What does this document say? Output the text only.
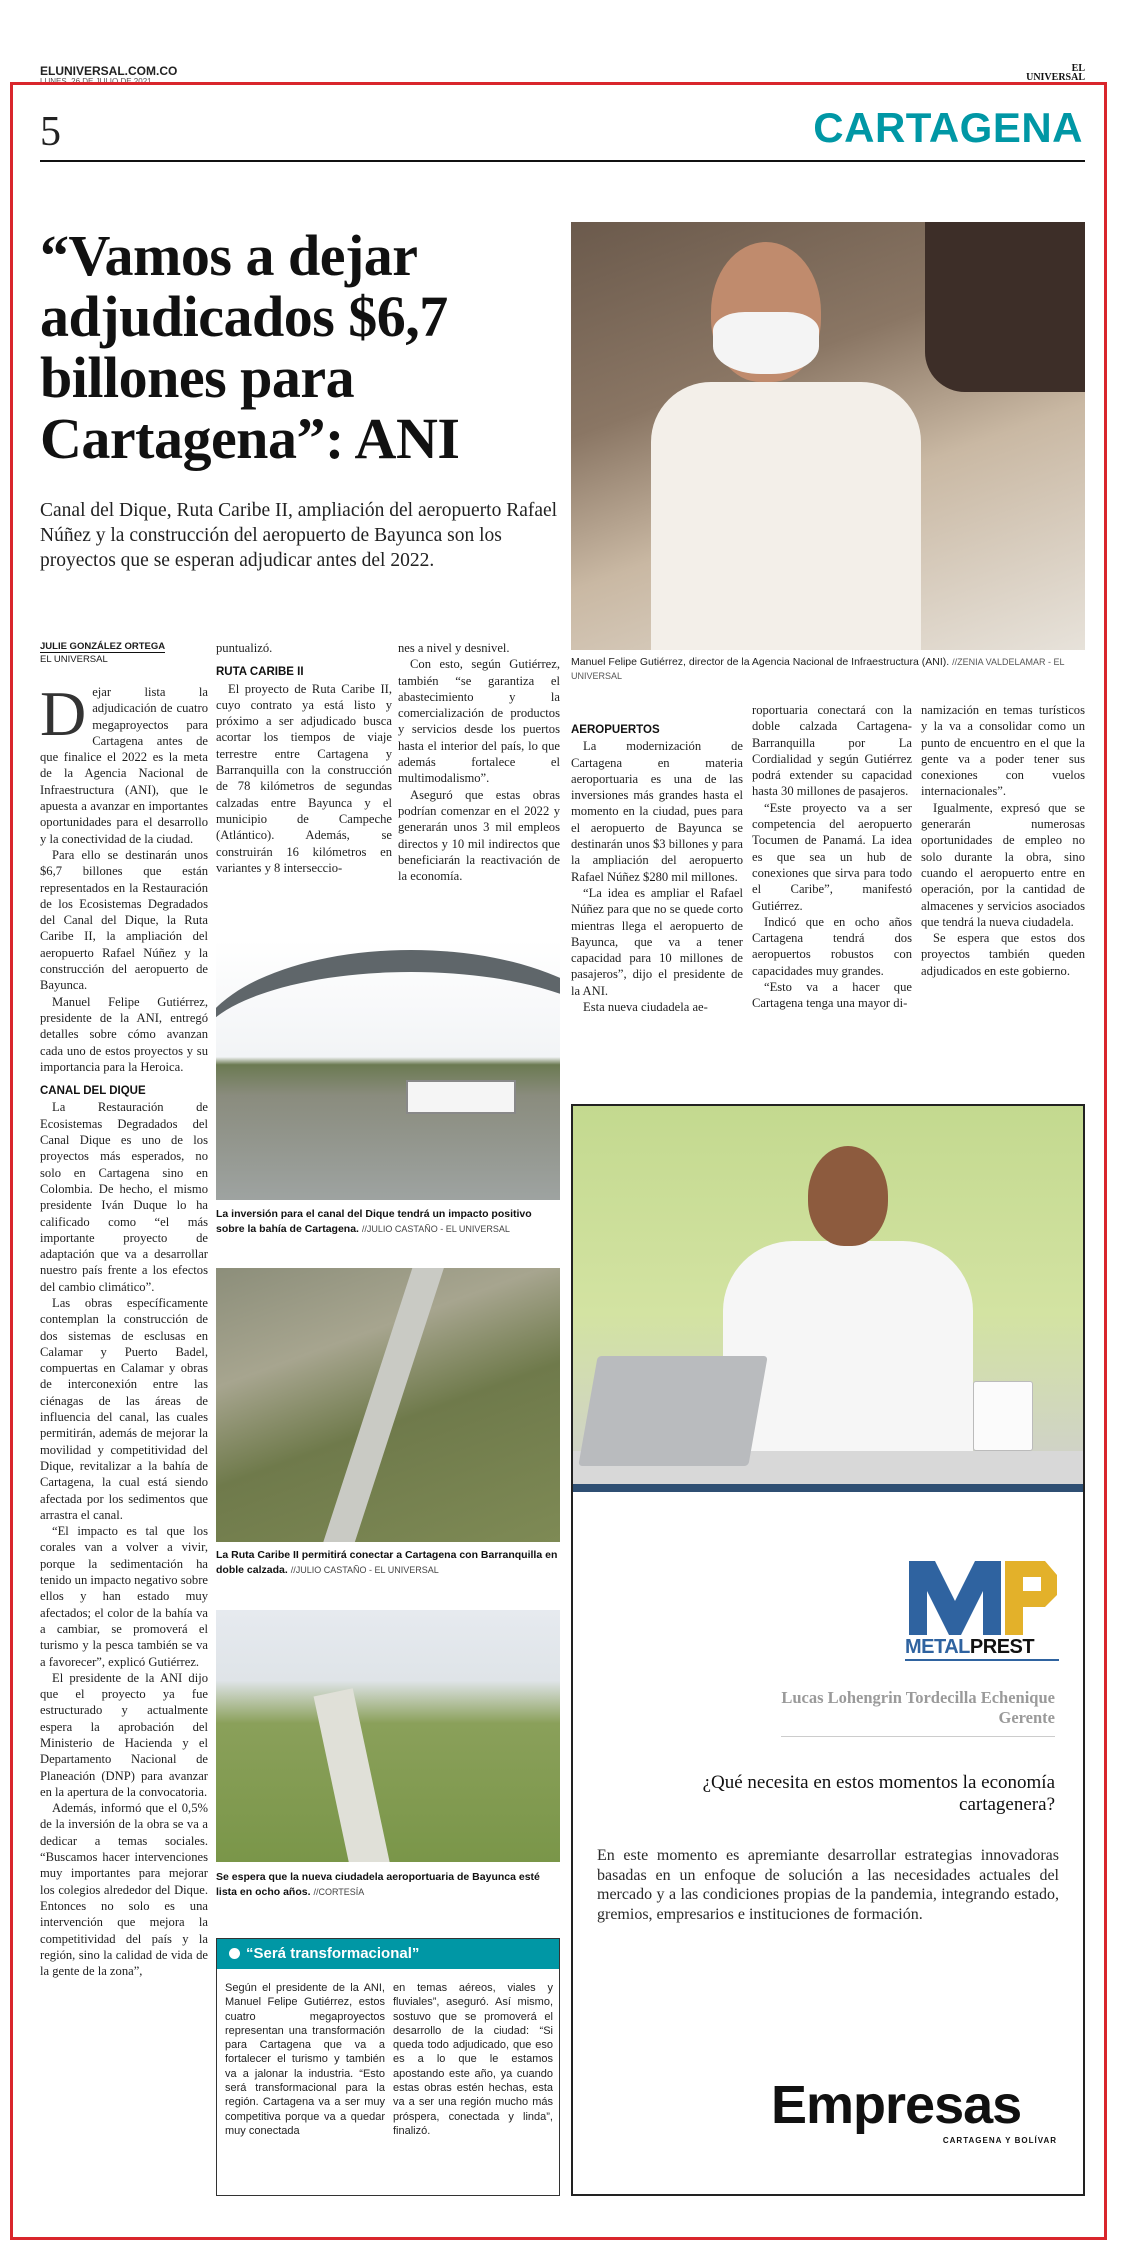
ELUNIVERSAL.COM.CO
LUNES, 26 DE JULIO DE 2021
EL UNIVERSAL
5	CARTAGENA
“Vamos a dejar adjudicados $6,7 billones para Cartagena”: ANI
Canal del Dique, Ruta Caribe II, ampliación del aeropuerto Rafael Núñez y la construcción del aeropuerto de Bayunca son los proyectos que se esperan adjudicar antes del 2022.
Manuel Felipe Gutiérrez, director de la Agencia Nacional de Infraestructura (ANI). //ZENIA VALDELAMAR - EL UNIVERSAL
JULIE GONZÁLEZ ORTEGA
EL UNIVERSAL

Dejar lista la adjudicación de cuatro megaproyectos para Cartagena antes de que finalice el 2022 es la meta de la Agencia Nacional de Infraestructura (ANI), que le apuesta a avanzar en importantes oportunidades para el desarrollo y la conectividad de la ciudad.

Para ello se destinarán unos $6,7 billones que están representados en la Restauración de los Ecosistemas Degradados del Canal del Dique, la Ruta Caribe II, la ampliación del aeropuerto Rafael Núñez y la construcción del aeropuerto de Bayunca.

Manuel Felipe Gutiérrez, presidente de la ANI, entregó detalles sobre cómo avanzan cada uno de estos proyectos y su importancia para la Heroica.

CANAL DEL DIQUE

La Restauración de Ecosistemas Degradados del Canal Dique es uno de los proyectos más esperados, no solo en Cartagena sino en Colombia. De hecho, el mismo presidente Iván Duque lo ha calificado como “el más importante proyecto de adaptación que va a desarrollar nuestro país frente a los efectos del cambio climático”.

Las obras específicamente contemplan la construcción de dos sistemas de esclusas en Calamar y Puerto Badel, compuertas en Calamar y obras de interconexión entre las ciénagas de las áreas de influencia del canal, las cuales permitirán, además de mejorar la movilidad y competitividad del Dique, revitalizar a la bahía de Cartagena, la cual está siendo afectada por los sedimentos que arrastra el canal.

“El impacto es tal que los corales van a volver a vivir, porque la sedimentación ha tenido un impacto negativo sobre ellos y han estado muy afectados; el color de la bahía va a cambiar, se promoverá el turismo y la pesca también se va a favorecer”, explicó Gutiérrez.

El presidente de la ANI dijo que el proyecto ya fue estructurado y actualmente espera la aprobación del Ministerio de Hacienda y el Departamento Nacional de Planeación (DNP) para avanzar en la apertura de la convocatoria.

Además, informó que el 0,5% de la inversión de la obra se va a dedicar a temas sociales. “Buscamos hacer intervenciones muy importantes para mejorar los colegios alrededor del Dique. Entonces no solo es una intervención que mejora la competitividad del país y la región, sino la calidad de vida de la gente de la zona”,

puntualizó.

RUTA CARIBE II

El proyecto de Ruta Caribe II, cuyo contrato ya está listo y próximo a ser adjudicado busca acortar los tiempos de viaje terrestre entre Cartagena y Barranquilla con la construcción de 78 kilómetros de segundas calzadas entre Bayunca y el municipio de Campeche (Atlántico). Además, se construirán 16 kilómetros en variantes y 8 interseccio-

nes a nivel y desnivel.

Con esto, según Gutiérrez, también “se garantiza el abastecimiento y la comercialización de productos y servicios desde los puertos hasta el interior del país, lo que además fortalece el multimodalismo”.

Aseguró que estas obras podrían comenzar en el 2022 y generarán unos 3 mil empleos directos y 10 mil indirectos que beneficiarán la reactivación de la economía.

La inversión para el canal del Dique tendrá un impacto positivo sobre la bahía de Cartagena. //JULIO CASTAÑO - EL UNIVERSAL
La Ruta Caribe II permitirá conectar a Cartagena con Barranquilla en doble calzada. //JULIO CASTAÑO - EL UNIVERSAL
Se espera que la nueva ciudadela aeroportuaria de Bayunca esté lista en ocho años. //CORTESÍA
“Será transformacional”
Según el presidente de la ANI, Manuel Felipe Gutiérrez, estos cuatro megaproyectos representan una transformación para Cartagena que va a fortalecer el turismo y también va a jalonar la industria. “Esto será transformacional para la región. Cartagena va a ser muy competitiva porque va a quedar muy conectada
en temas aéreos, viales y fluviales”, aseguró. Así mismo, sostuvo que se promoverá el desarrollo de la ciudad: “Si queda todo adjudicado, que eso es a lo que le estamos apostando este año, ya cuando estas obras estén hechas, esta va a ser una región mucho más próspera, conectada y linda”, finalizó.

AEROPUERTOS

La modernización de Cartagena en materia aeroportuaria es una de las inversiones más grandes hasta el momento en la ciudad, pues para el aeropuerto de Bayunca se destinarán unos $3 billones y para la ampliación del aeropuerto Rafael Núñez $280 mil millones.

“La idea es ampliar el Rafael Núñez para que no se quede corto mientras llega el aeropuerto de Bayunca, que va a tener capacidad para 10 millones de pasajeros”, dijo el presidente de la ANI.

Esta nueva ciudadela ae-

roportuaria conectará con la doble calzada Cartagena-Barranquilla por La Cordialidad y según Gutiérrez podrá extender su capacidad hasta 30 millones de pasajeros.

“Este proyecto va a ser competencia del aeropuerto Tocumen de Panamá. La idea es que sea un hub de conexiones que sirva para todo el Caribe”, manifestó Gutiérrez.

Indicó que en ocho años Cartagena tendrá dos aeropuertos robustos con capacidades muy grandes.

“Esto va a hacer que Cartagena tenga una mayor di-

namización en temas turísticos y la va a consolidar como un punto de encuentro en el que la gente va a poder tener sus conexiones con vuelos internacionales”.

Igualmente, expresó que se generarán numerosas oportunidades de empleo no solo durante la obra, sino cuando el aeropuerto entre en operación, por la cantidad de almacenes y servicios asociados que tendrá la nueva ciudadela.

Se espera que estos dos proyectos también queden adjudicados en este gobierno.

METALPREST
Lucas Lohengrin Tordecilla Echenique
Gerente
¿Qué necesita en estos momentos la economía cartagenera?
En este momento es apremiante desarrollar estrategias innovadoras basadas en un enfoque de solución a las necesidades actuales del mercado y a las condiciones propias de la pandemia, integrando estado, gremios, empresarios e instituciones de formación.
Empresas
CARTAGENA Y BOLÍVAR
